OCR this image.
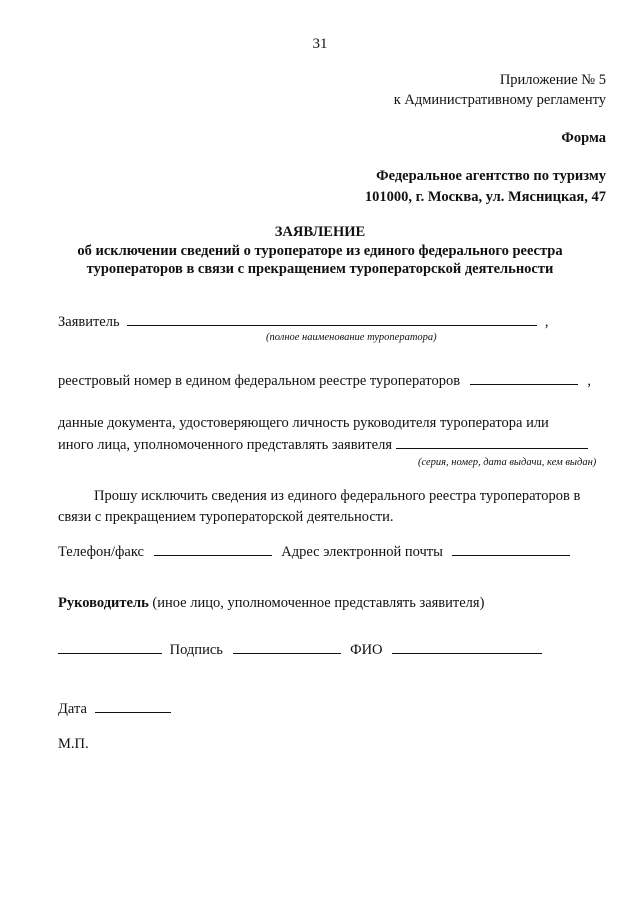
31
Приложение № 5
к Административному регламенту
Форма
Федеральное агентство по туризму
101000, г. Москва, ул. Мясницкая, 47
ЗАЯВЛЕНИЕ
об исключении сведений о туроператоре из единого федерального реестра
туроператоров в связи с прекращением туроператорской деятельности
Заявитель	,
(полное наименование туроператора)
реестровый номер в едином федеральном реестре туроператоров	,
данные документа, удостоверяющего личность руководителя туроператора или
иного лица, уполномоченного представлять заявителя
(серия, номер, дата выдачи, кем выдан)
Прошу исключить сведения из единого федерального реестра туроператоров в
связи с прекращением туроператорской деятельности.
Телефон/факс	Адрес электронной почты
Руководитель (иное лицо, уполномоченное представлять заявителя)
Подпись	ФИО
Дата
М.П.
